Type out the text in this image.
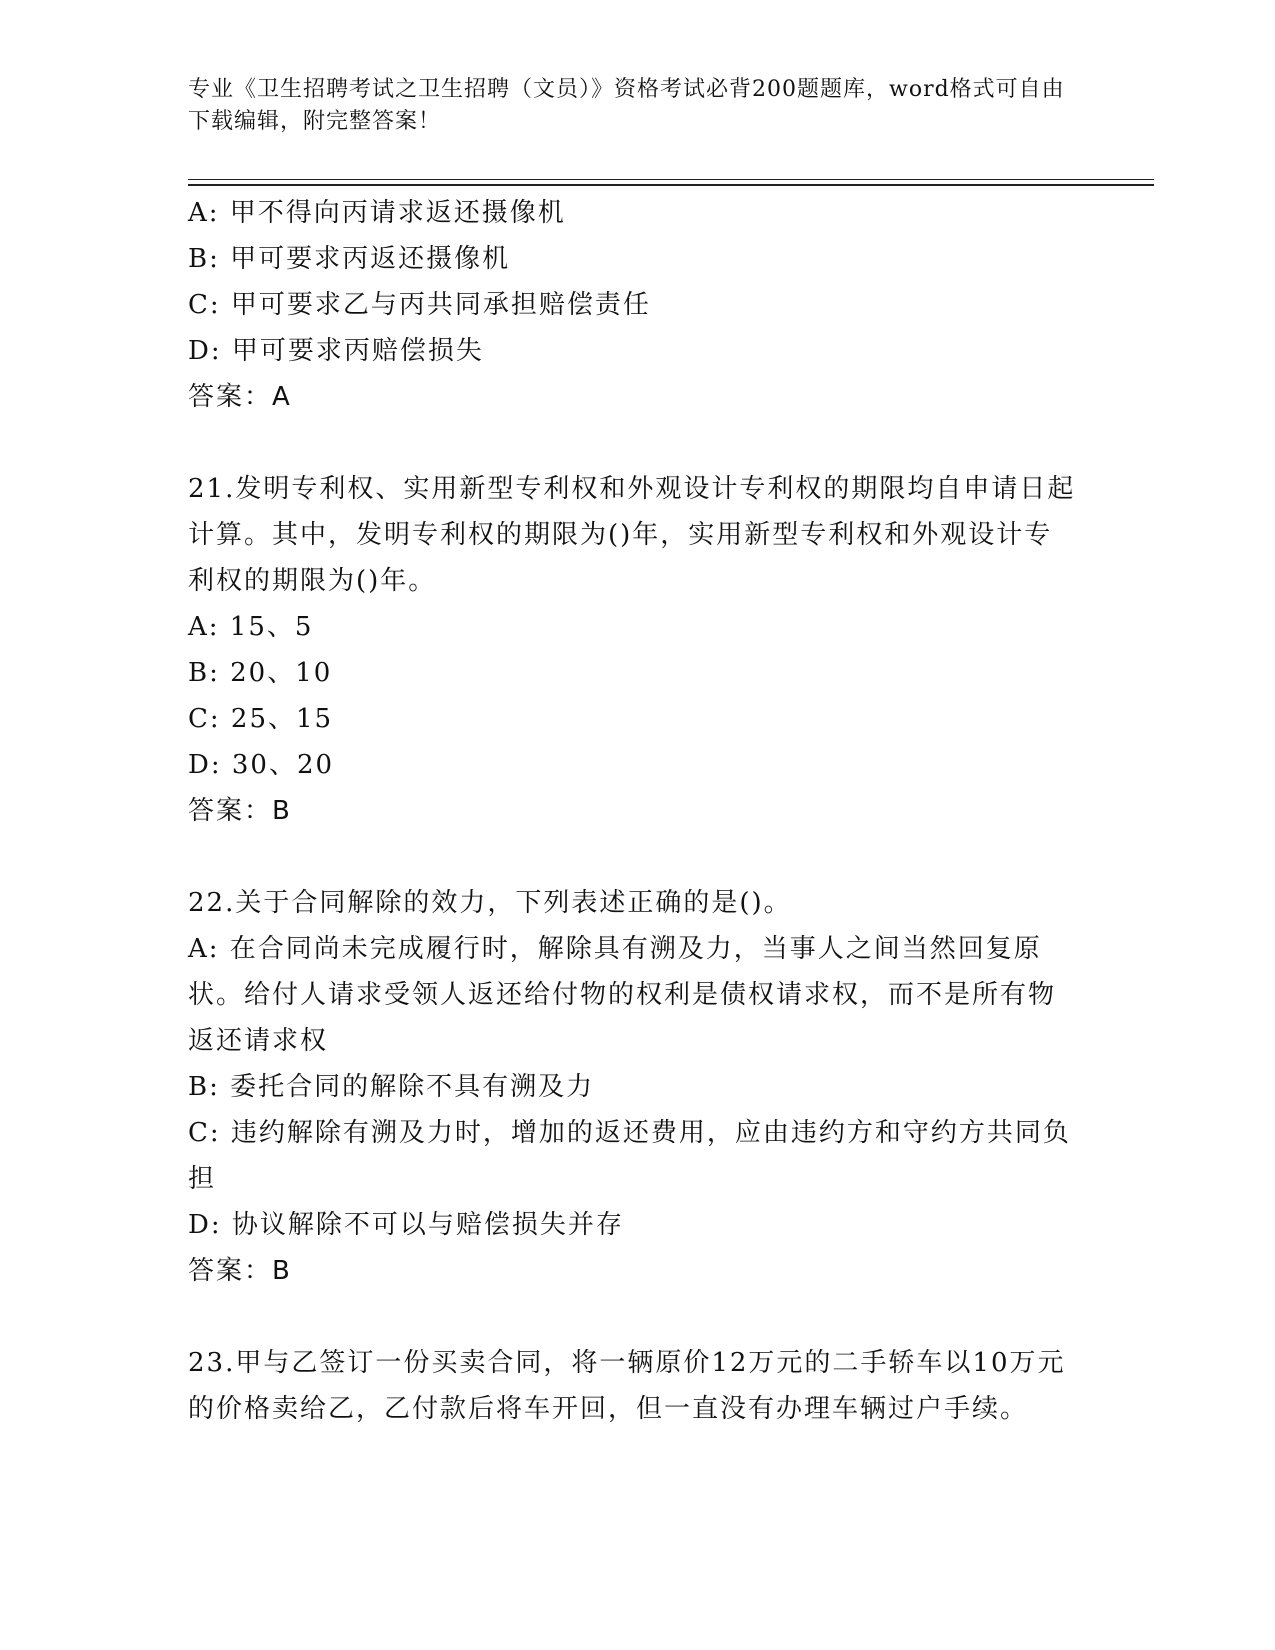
专业《卫生招聘考试之卫生招聘（文员）》资格考试必背200题题库，word格式可自由下载编辑，附完整答案！
A: 甲不得向丙请求返还摄像机
B: 甲可要求丙返还摄像机
C: 甲可要求乙与丙共同承担赔偿责任
D: 甲可要求丙赔偿损失
答案：A
21.发明专利权、实用新型专利权和外观设计专利权的期限均自申请日起计算。其中，发明专利权的期限为()年，实用新型专利权和外观设计专利权的期限为()年。
A: 15、5
B: 20、10
C: 25、15
D: 30、20
答案：B
22.关于合同解除的效力，下列表述正确的是()。
A: 在合同尚未完成履行时，解除具有溯及力，当事人之间当然回复原状。给付人请求受领人返还给付物的权利是债权请求权，而不是所有物返还请求权
B: 委托合同的解除不具有溯及力
C: 违约解除有溯及力时，增加的返还费用，应由违约方和守约方共同负担
D: 协议解除不可以与赔偿损失并存
答案：B
23.甲与乙签订一份买卖合同，将一辆原价12万元的二手轿车以10万元的价格卖给乙，乙付款后将车开回，但一直没有办理车辆过户手续。
